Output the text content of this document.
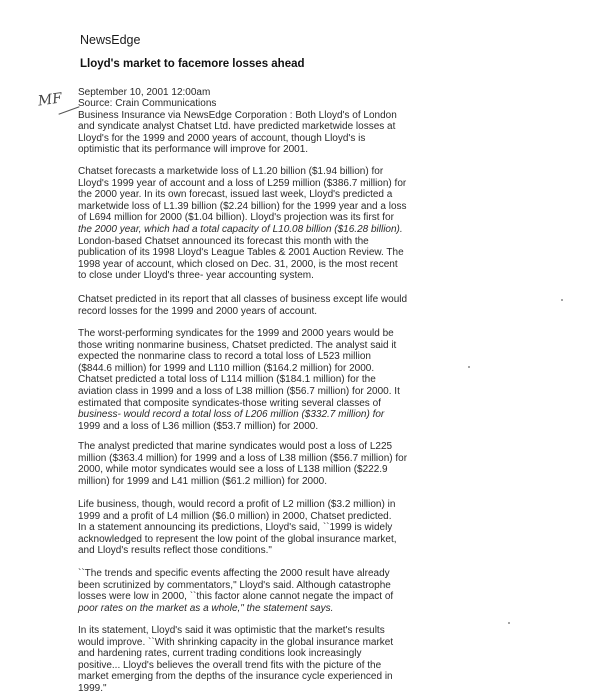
NewsEdge
Lloyd's market to facemore losses ahead
MF September 10, 2001 12:00am
Source: Crain Communications
Business Insurance via NewsEdge Corporation : Both Lloyd's of London
and syndicate analyst Chatset Ltd. have predicted marketwide losses at
Lloyd's for the 1999 and 2000 years of account, though Lloyd's is
optimistic that its performance will improve for 2001.
Chatset forecasts a marketwide loss of L1.20 billion ($1.94 billion) for
Lloyd's 1999 year of account and a loss of L259 million ($386.7 million) for
the 2000 year. In its own forecast, issued last week, Lloyd's predicted a
marketwide loss of L1.39 billion ($2.24 billion) for the 1999 year and a loss
of L694 million for 2000 ($1.04 billion). Lloyd's projection was its first for
the 2000 year, which had a total capacity of L10.08 billion ($16.28 billion).
London-based Chatset announced its forecast this month with the
publication of its 1998 Lloyd's League Tables & 2001 Auction Review. The
1998 year of account, which closed on Dec. 31, 2000, is the most recent
to close under Lloyd's three- year accounting system.
Chatset predicted in its report that all classes of business except life would
record losses for the 1999 and 2000 years of account.
The worst-performing syndicates for the 1999 and 2000 years would be
those writing nonmarine business, Chatset predicted. The analyst said it
expected the nonmarine class to record a total loss of L523 million
($844.6 million) for 1999 and L110 million ($164.2 million) for 2000.
Chatset predicted a total loss of L114 million ($184.1 million) for the
aviation class in 1999 and a loss of L38 million ($56.7 million) for 2000. It
estimated that composite syndicates-those writing several classes of
business- would record a total loss of L206 million ($332.7 million) for
1999 and a loss of L36 million ($53.7 million) for 2000.
The analyst predicted that marine syndicates would post a loss of L225
million ($363.4 million) for 1999 and a loss of L38 million ($56.7 million) for
2000, while motor syndicates would see a loss of L138 million ($222.9
million) for 1999 and L41 million ($61.2 million) for 2000.
Life business, though, would record a profit of L2 million ($3.2 million) in
1999 and a profit of L4 million ($6.0 million) in 2000, Chatset predicted.
In a statement announcing its predictions, Lloyd's said, ``1999 is widely
acknowledged to represent the low point of the global insurance market,
and Lloyd's results reflect those conditions."
``The trends and specific events affecting the 2000 result have already
been scrutinized by commentators," Lloyd's said. Although catastrophe
losses were low in 2000, ``this factor alone cannot negate the impact of
poor rates on the market as a whole," the statement says.
In its statement, Lloyd's said it was optimistic that the market's results
would improve. ``With shrinking capacity in the global insurance market
and hardening rates, current trading conditions look increasingly
positive... Lloyd's believes the overall trend fits with the picture of the
market emerging from the depths of the insurance cycle experienced in
1999."
